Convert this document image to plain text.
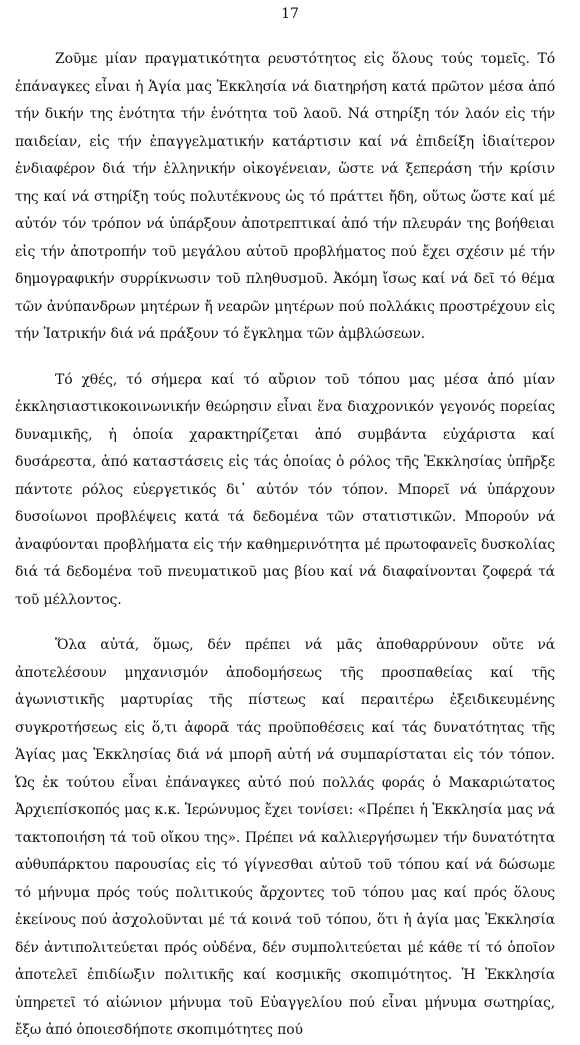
17

Ζοῦμε μίαν πραγματικότητα ρευστότητος εἰς ὅλους τούς τομεῖς. Τό ἐπάναγκες εἶναι ἡ Ἁγία μας Ἐκκλησία νά διατηρήση κατά πρῶτον μέσα ἀπό τήν δικήν της ἑνότητα τήν ἑνότητα τοῦ λαοῦ. Νά στηρίξη τόν λαόν εἰς τήν παιδείαν, εἰς τήν ἐπαγγελματικήν κατάρτισιν καί νά ἐπιδείξη ἰδιαίτερον ἐνδιαφέρον διά τήν ἑλληνικήν οἰκογένειαν, ὥστε νά ξεπεράση τήν κρίσιν της καί νά στηρίξη τούς πολυτέκνους ὡς τό πράττει ἤδη, οὕτως ὥστε καί μέ αὐτόν τόν τρόπον νά ὑπάρξουν ἀποτρεπτικαί ἀπό τήν πλευράν της βοήθειαι εἰς τήν ἀποτροπήν τοῦ μεγάλου αὐτοῦ προβλήματος πού ἔχει σχέσιν μέ τήν δημογραφικήν συρρίκνωσιν τοῦ πληθυσμοῦ. Ἀκόμη ἴσως καί νά δεῖ τό θέμα τῶν ἀνύπανδρων μητέρων ἤ νεαρῶν μητέρων πού πολλάκις προστρέχουν εἰς τήν Ἰατρικήν διά νά πράξουν τό ἔγκλημα τῶν ἀμβλώσεων.

Τό χθές, τό σήμερα καί τό αὔριον τοῦ τόπου μας μέσα ἀπό μίαν ἐκκλησιαστικοκοινωνικήν θεώρησιν εἶναι ἕνα διαχρονικόν γεγονός πορείας δυναμικῆς, ἡ ὁποία χαρακτηρίζεται ἀπό συμβάντα εὐχάριστα καί δυσάρεστα, ἀπό καταστάσεις εἰς τάς ὁποίας ὁ ρόλος τῆς Ἐκκλησίας ὑπῆρξε πάντοτε ρόλος εὐεργετικός δι᾽ αὐτόν τόν τόπον. Μπορεῖ νά ὑπάρχουν δυσοίωνοι προβλέψεις κατά τά δεδομένα τῶν στατιστικῶν. Μπορούν νά ἀναφύονται προβλήματα εἰς τήν καθημερινότητα μέ πρωτοφανεῖς δυσκολίας διά τά δεδομένα τοῦ πνευματικοῦ μας βίου καί νά διαφαίνονται ζοφερά τά τοῦ μέλλοντος.

Ὅλα αὐτά, ὅμως, δέν πρέπει νά μᾶς ἀποθαρρύνουν οὔτε νά ἀποτελέσουν μηχανισμόν ἀποδομήσεως τῆς προσπαθείας καί τῆς ἀγωνιστικῆς μαρτυρίας τῆς πίστεως καί περαιτέρω ἐξειδικευμένης συγκροτήσεως εἰς ὅ,τι ἀφορᾶ τάς προϋποθέσεις καί τάς δυνατότητας τῆς Ἁγίας μας Ἐκκλησίας διά νά μπορῆ αὐτή νά συμπαρίσταται εἰς τόν τόπον. Ὡς ἐκ τούτου εἶναι ἐπάναγκες αὐτό πού πολλάς φοράς ὁ Μακαριώτατος Ἀρχιεπίσκοπός μας κ.κ. Ἱερώνυμος ἔχει τονίσει: «Πρέπει ἡ Ἐκκλησία μας νά τακτοποιήση τά τοῦ οἴκου της». Πρέπει νά καλλιεργήσωμεν τήν δυνατότητα αὐθυπάρκτου παρουσίας εἰς τό γίγνεσθαι αὐτοῦ τοῦ τόπου καί νά δώσωμε τό μήνυμα πρός τούς πολιτικούς ἄρχοντες τοῦ τόπου μας καί πρός ὅλους ἐκείνους πού ἀσχολοῦνται μέ τά κοινά τοῦ τόπου, ὅτι ἡ ἁγία μας Ἐκκλησία δέν ἀντιπολιτεύεται πρός οὐδένα, δέν συμπολιτεύεται μέ κάθε τί τό ὁποῖον ἀποτελεῖ ἐπιδίωξιν πολιτικῆς καί κοσμικῆς σκοπιμότητος. Ἡ Ἐκκλησία ὑπηρετεῖ τό αἰώνιον μήνυμα τοῦ Εὐαγγελίου πού εἶναι μήνυμα σωτηρίας, ἔξω ἀπό ὁποιεσδήποτε σκοπιμότητες πού
